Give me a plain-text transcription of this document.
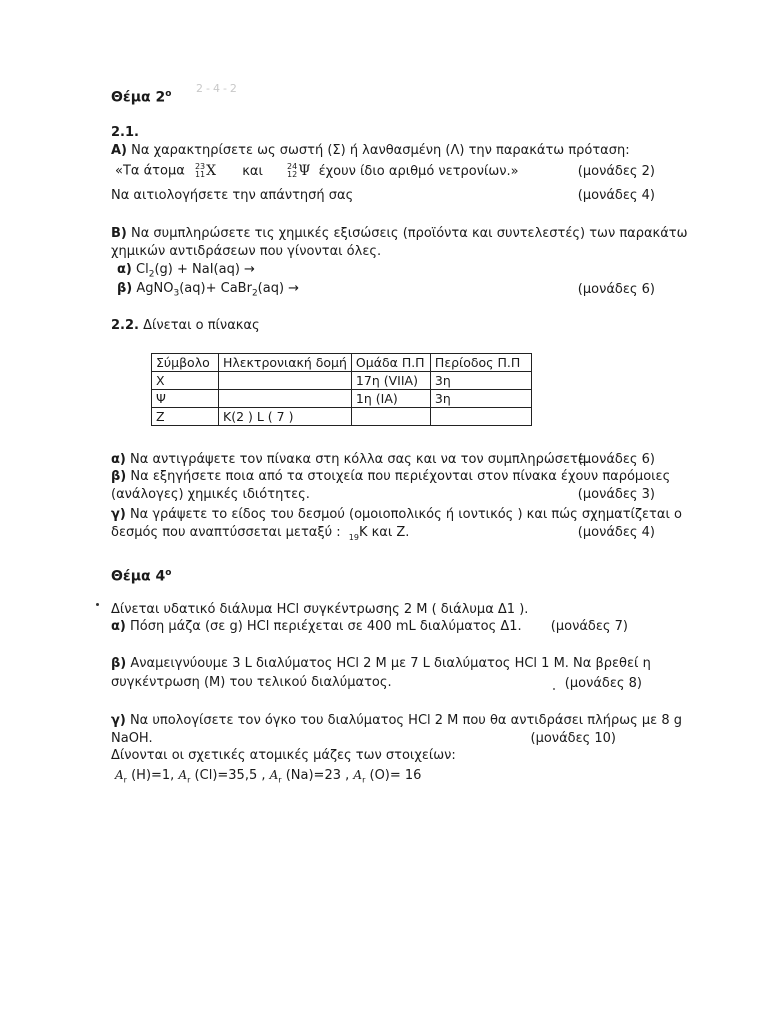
Θέμα $2^o$ 2-4-2
2.1.
Α) Να χαρακτηρίσετε ως σωστή (Σ) ή λανθασμένη (Λ) την παρακάτω πρόταση:
«Τα άτομα 23
11 X και	24
12 Ψ έχουν ίδιο αριθμό νετρονίων.»	(μονάδες 2)
Να αιτιολογήσετε την απάντησή σας	(μονάδες 4)
Β) Να συμπληρώσετε τις χημικές εξισώσεις (προϊόντα και συντελεστές) των παρακάτω
χημικών αντιδράσεων που γίνονται όλες.
α) $Cl_2(g) + NaI(aq)$ →
β) AgNO$_3$(aq)+ CaBr$_2$(aq) →	(μονάδες 6)
2.2. Δίνεται ο πίνακας
Σύμβολο	Ηλεκτρονιακή δομή	Ομάδα Π.Π	Περίοδος Π.Π
X		17η (VIIA)	3η
Ψ		1η (IA)	3η
Z	K(2 ) L ( 7 )		
α) Να αντιγράψετε τον πίνακα στη κόλλα σας και να τον συμπληρώσετε.
(μονάδες 6)
β) Να εξηγήσετε ποια από τα στοιχεία που περιέχονται στον πίνακα έχουν παρόμοιες
(ανάλογες) χημικές ιδιότητες.	(μονάδες 3)
γ) Να γράψετε το είδος του δεσμού (ομοιοπολικός ή ιοντικός ) και πώς σχηματίζεται ο
δεσμός που αναπτύσσεται μεταξύ : $_{19}$K και Z.	(μονάδες 4)
Θέμα $4^o$
Δίνεται υδατικό διάλυμα HCl συγκέντρωσης 2 M ( διάλυμα Δ1 ).
α) Πόση μάζα (σε g) HCl περιέχεται σε 400 mL διαλύματος Δ1. (μονάδες 7)
β) Αναμειγνύουμε 3 L διαλύματος HCl 2 M με 7 L διαλύματος HCl 1 M. Να βρεθεί η
συγκέντρωση (M) του τελικού διαλύματος.	(μονάδες 8)
γ) Να υπολογίσετε τον όγκο του διαλύματος HCl 2 M που θα αντιδράσει πλήρως με 8 g
NaOH.	(μονάδες 10)
Δίνονται οι σχετικές ατομικές μάζες των στοιχείων:
$A_r$ (H)=1, $A_r$ (Cl)=35,5 , $A_r$ (Na)=23 , $A_r$ (O)= 16
